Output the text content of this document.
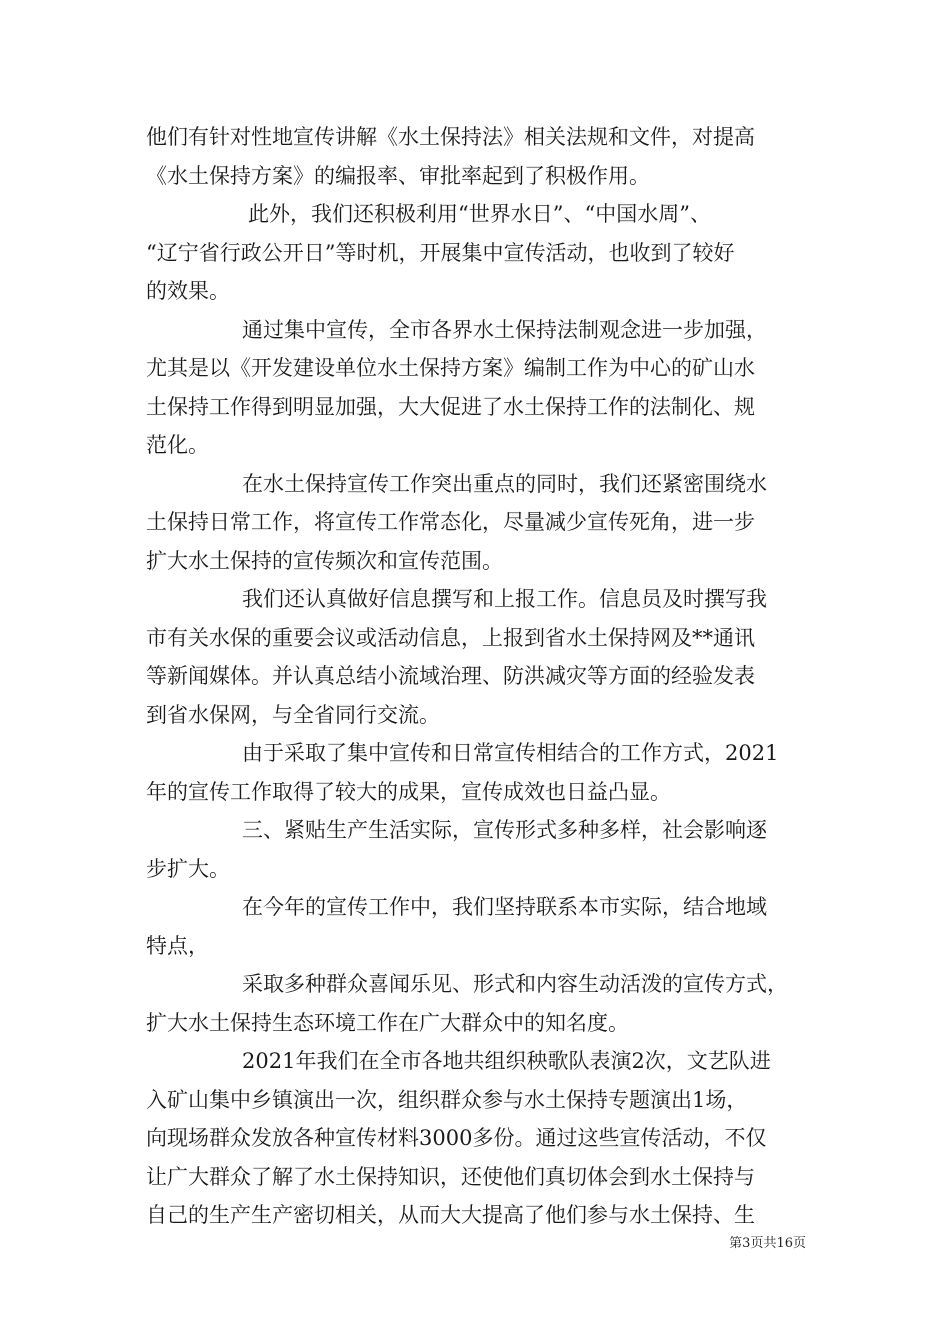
他们有针对性地宣传讲解《水土保持法》相关法规和文件，对提高
《水土保持方案》的编报率、审批率起到了积极作用。
此外，我们还积极利用“世界水日”、“中国水周”、
“辽宁省行政公开日”等时机，开展集中宣传活动，也收到了较好
的效果。
通过集中宣传，全市各界水土保持法制观念进一步加强，
尤其是以《开发建设单位水土保持方案》编制工作为中心的矿山水
土保持工作得到明显加强，大大促进了水土保持工作的法制化、规
范化。
在水土保持宣传工作突出重点的同时，我们还紧密围绕水
土保持日常工作，将宣传工作常态化，尽量减少宣传死角，进一步
扩大水土保持的宣传频次和宣传范围。
我们还认真做好信息撰写和上报工作。信息员及时撰写我
市有关水保的重要会议或活动信息，上报到省水土保持网及**通讯
等新闻媒体。并认真总结小流域治理、防洪减灾等方面的经验发表
到省水保网，与全省同行交流。
由于采取了集中宣传和日常宣传相结合的工作方式，2021
年的宣传工作取得了较大的成果，宣传成效也日益凸显。
三、紧贴生产生活实际，宣传形式多种多样，社会影响逐
步扩大。
在今年的宣传工作中，我们坚持联系本市实际，结合地域
特点，
采取多种群众喜闻乐见、形式和内容生动活泼的宣传方式，
扩大水土保持生态环境工作在广大群众中的知名度。
2021年我们在全市各地共组织秧歌队表演2次，文艺队进
入矿山集中乡镇演出一次，组织群众参与水土保持专题演出1场，
向现场群众发放各种宣传材料3000多份。通过这些宣传活动，不仅
让广大群众了解了水土保持知识，还使他们真切体会到水土保持与
自己的生产生产密切相关，从而大大提高了他们参与水土保持、生
第3页共16页
